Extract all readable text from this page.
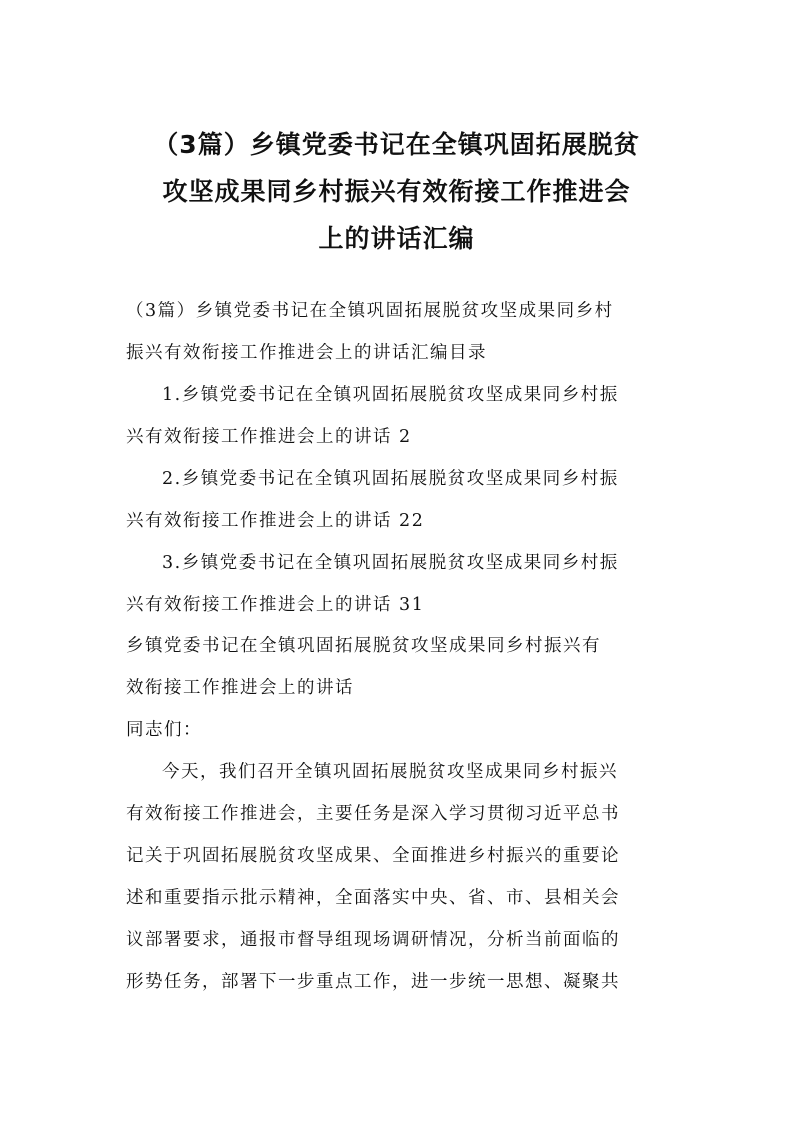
（3篇）乡镇党委书记在全镇巩固拓展脱贫
攻坚成果同乡村振兴有效衔接工作推进会
上的讲话汇编
（3篇）乡镇党委书记在全镇巩固拓展脱贫攻坚成果同乡村
振兴有效衔接工作推进会上的讲话汇编目录
1.乡镇党委书记在全镇巩固拓展脱贫攻坚成果同乡村振
兴有效衔接工作推进会上的讲话 2
2.乡镇党委书记在全镇巩固拓展脱贫攻坚成果同乡村振
兴有效衔接工作推进会上的讲话 22
3.乡镇党委书记在全镇巩固拓展脱贫攻坚成果同乡村振
兴有效衔接工作推进会上的讲话 31
乡镇党委书记在全镇巩固拓展脱贫攻坚成果同乡村振兴有
效衔接工作推进会上的讲话
同志们：
今天，我们召开全镇巩固拓展脱贫攻坚成果同乡村振兴
有效衔接工作推进会，主要任务是深入学习贯彻习近平总书
记关于巩固拓展脱贫攻坚成果、全面推进乡村振兴的重要论
述和重要指示批示精神，全面落实中央、省、市、县相关会
议部署要求，通报市督导组现场调研情况，分析当前面临的
形势任务，部署下一步重点工作，进一步统一思想、凝聚共
